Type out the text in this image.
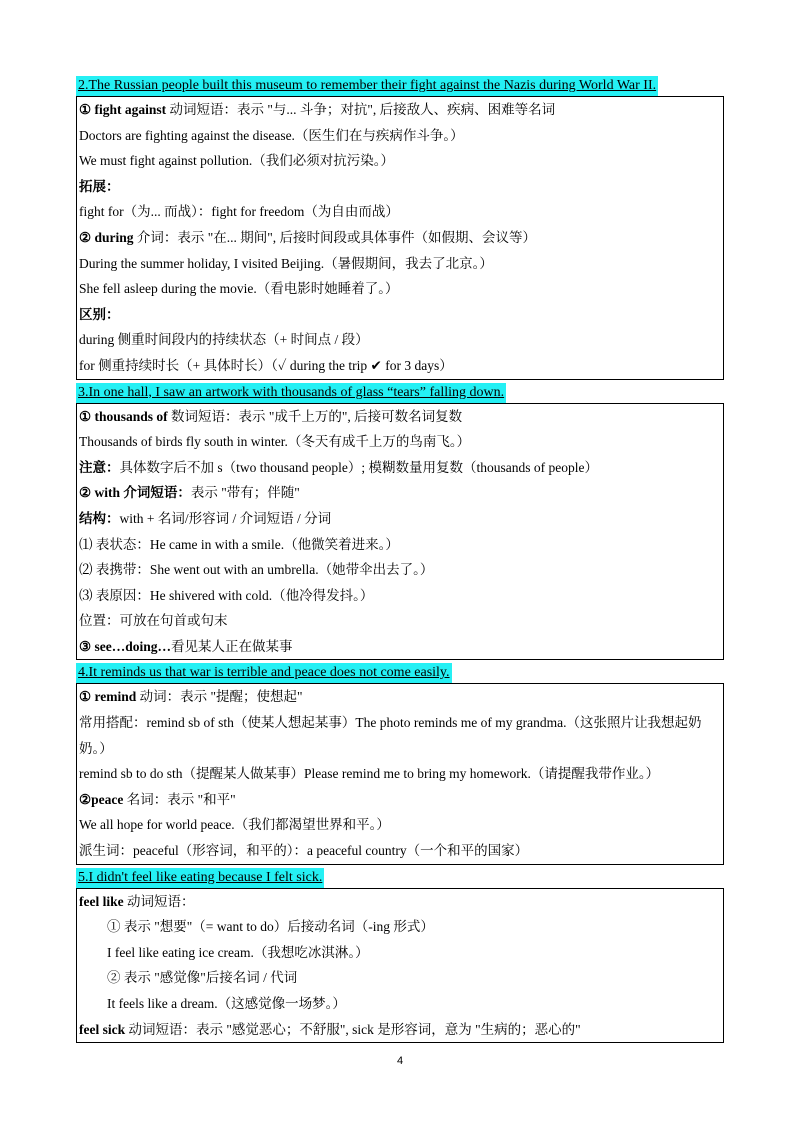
2.The Russian people built this museum to remember their fight against the Nazis during World War II.
① fight against 动词短语：表示 "与... 斗争；对抗", 后接敌人、疾病、困难等名词
Doctors are fighting against the disease.（医生们在与疾病作斗争。）
We must fight against pollution.（我们必须对抗污染。）
拓展：
fight for（为... 而战）：fight for freedom（为自由而战）
② during 介词：表示 "在... 期间", 后接时间段或具体事件（如假期、会议等）
During the summer holiday, I visited Beijing.（暑假期间，我去了北京。）
She fell asleep during the movie.（看电影时她睡着了。）
区别：
during 侧重时间段内的持续状态（+ 时间点 / 段）
for 侧重持续时长（+ 具体时长）（✓ during the trip ✔ for 3 days）
3.In one hall, I saw an artwork with thousands of glass “tears” falling down.
① thousands of 数词短语：表示 "成千上万的", 后接可数名词复数
Thousands of birds fly south in winter.（冬天有成千上万的鸟南飞。）
注意：具体数字后不加 s（two thousand people）; 模糊数量用复数（thousands of people）
② with 介词短语：表示 "带有；伴随"
结构：with + 名词/形容词 / 介词短语 / 分词
⑴ 表状态：He came in with a smile.（他微笑着进来。）
⑵ 表携带：She went out with an umbrella.（她带伞出去了。）
⑶ 表原因：He shivered with cold.（他冷得发抖。）
位置：可放在句首或句末
③ see…doing…看见某人正在做某事
4.It reminds us that war is terrible and peace does not come easily.
① remind 动词：表示 "提醒；使想起"
常用搭配：remind sb of sth（使某人想起某事）The photo reminds me of my grandma.（这张照片让我想起奶奶。）
remind sb to do sth（提醒某人做某事）Please remind me to bring my homework.（请提醒我带作业。）
②peace 名词：表示 "和平"
We all hope for world peace.（我们都渴望世界和平。）
派生词：peaceful（形容词，和平的）：a peaceful country（一个和平的国家）
5.I didn't feel like eating because I felt sick.
feel like 动词短语：
① 表示 "想要"（= want to do）后接动名词（-ing 形式）
I feel like eating ice cream.（我想吃冰淇淋。）
② 表示 "感觉像"后接名词 / 代词
It feels like a dream.（这感觉像一场梦。）
feel sick 动词短语：表示 "感觉恶心；不舒服", sick 是形容词，意为 "生病的；恶心的"
4
